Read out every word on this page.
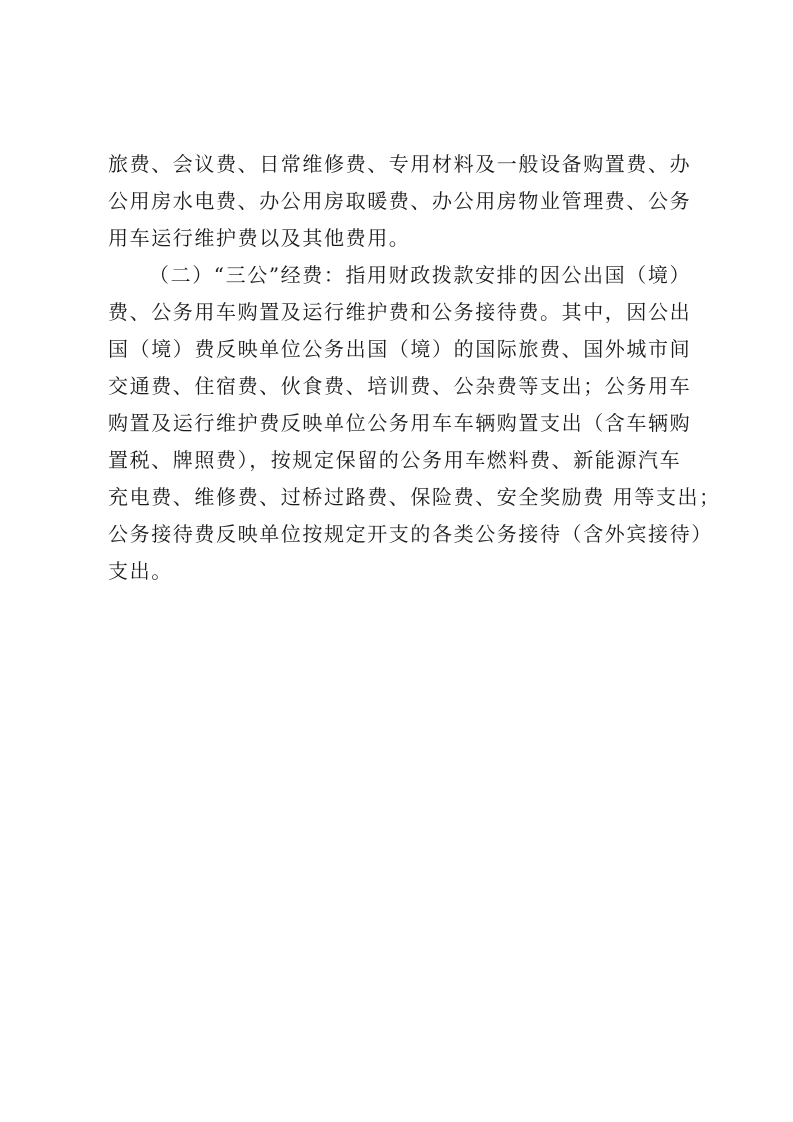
旅费、会议费、日常维修费、专用材料及一般设备购置费、办
公用房水电费、办公用房取暖费、办公用房物业管理费、公务
用车运行维护费以及其他费用。
（二）“三公”经费：指用财政拨款安排的因公出国（境）
费、公务用车购置及运行维护费和公务接待费。其中，因公出
国（境）费反映单位公务出国（境）的国际旅费、国外城市间
交通费、住宿费、伙食费、培训费、公杂费等支出；公务用车
购置及运行维护费反映单位公务用车车辆购置支出（含车辆购
置税、牌照费），按规定保留的公务用车燃料费、新能源汽车
充电费、维修费、过桥过路费、保险费、安全奖励费 用等支出；
公务接待费反映单位按规定开支的各类公务接待（含外宾接待）
支出。
